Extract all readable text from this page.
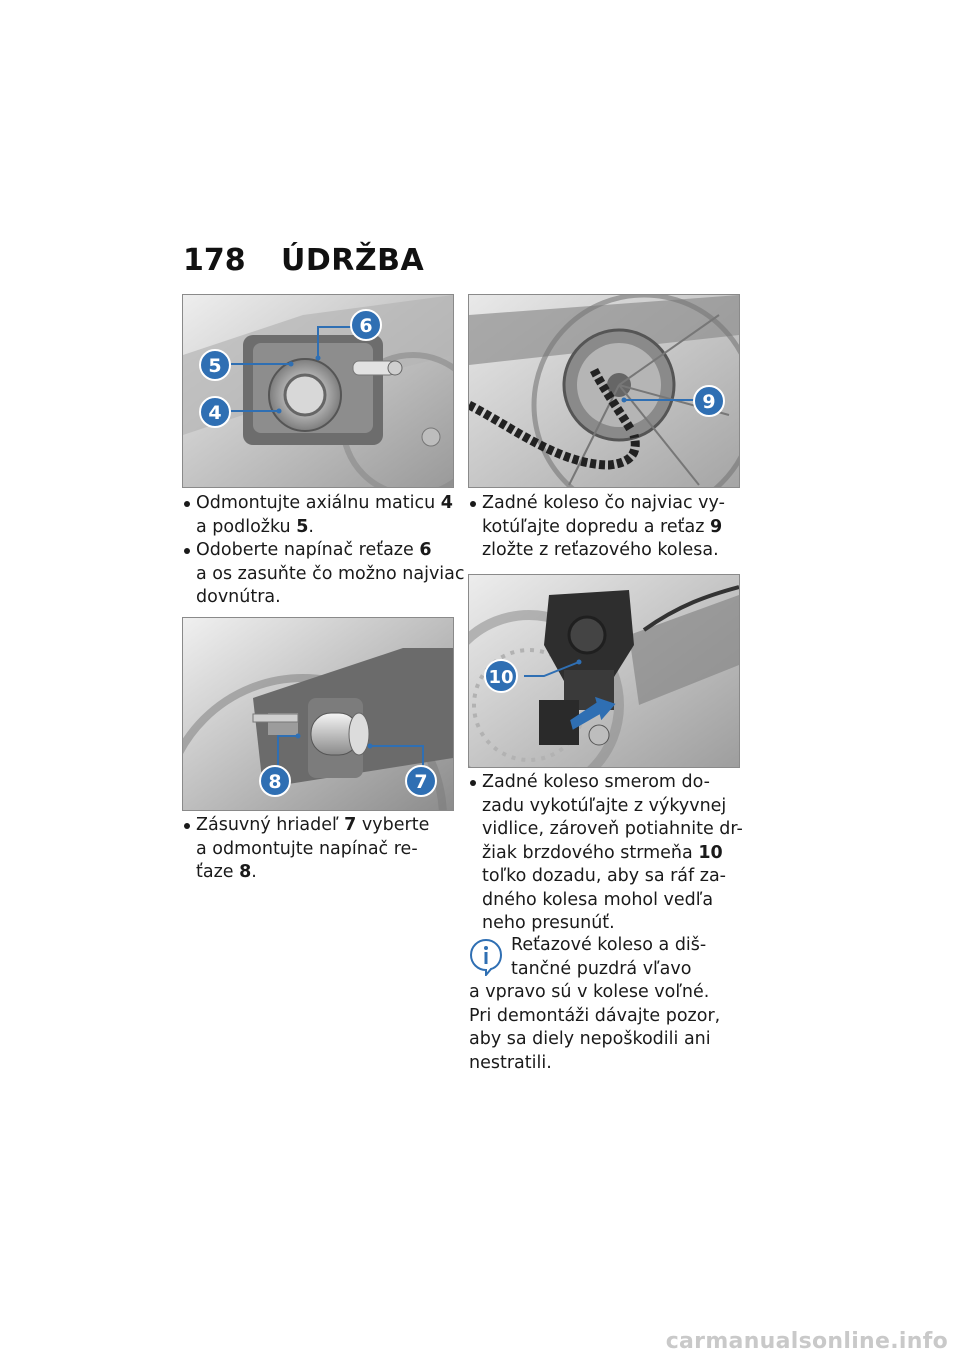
178	ÚDRŽBA
6
5
4	9
8	7
10

Odmontujte axiálnu maticu 4
a podložku 5.

Odoberte napínač reťaze 6
a os zasuňte čo možno najviac
dovnútra.

Zadné koleso čo najviac vy-
kotúľajte dopredu a reťaz 9
zložte z reťazového kolesa.

Zásuvný hriadeľ 7 vyberte
a odmontujte napínač re-
ťaze 8.

Zadné koleso smerom do-
zadu vykotúľajte z výkyvnej
vidlice, zároveň potiahnite dr-
žiak brzdového strmeňa 10
toľko dozadu, aby sa ráf za-
dného kolesa mohol vedľa
neho presunúť.

Reťazové koleso a diš-
tančné puzdrá vľavo
a vpravo sú v kolese voľné.
Pri demontáži dávajte pozor,
aby sa diely nepoškodili ani
nestratili.
carmanualsonline.info
